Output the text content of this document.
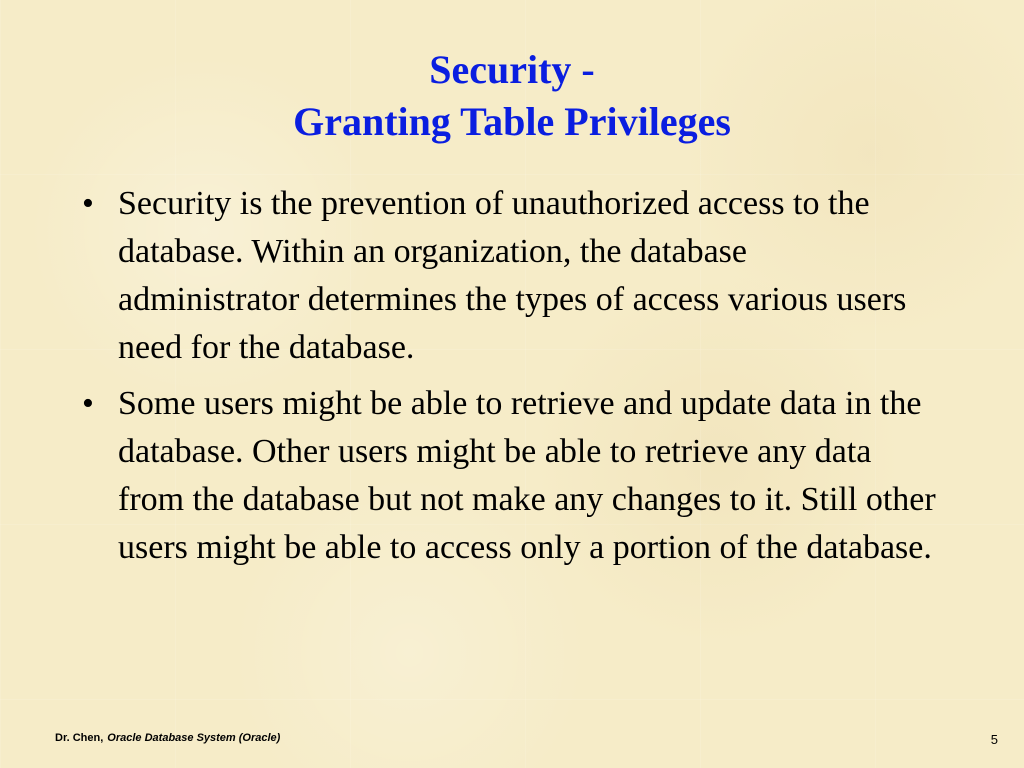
Security -
Granting Table Privileges
• Security is the prevention of unauthorized access to the database. Within an organization, the database administrator determines the types of access various users need for the database.
• Some users might be able to retrieve and update data in the database. Other users might be able to retrieve any data from the database but not make any changes to it. Still other users might be able to access only a portion of the database.
Dr. Chen, Oracle Database System (Oracle)	5
